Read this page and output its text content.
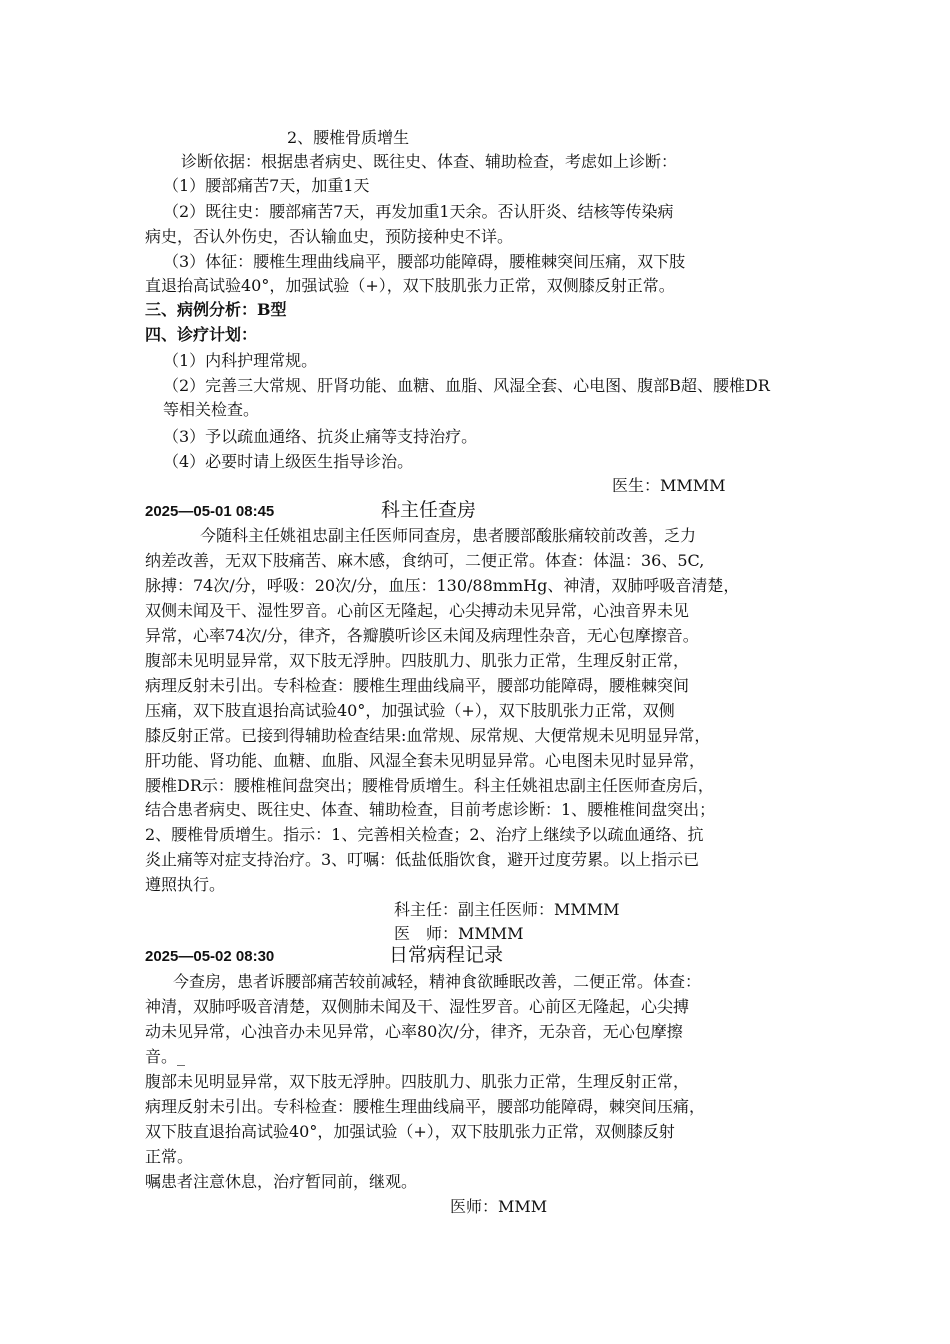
2、腰椎骨质增生
诊断依据：根据患者病史、既往史、体查、辅助检查，考虑如上诊断：
（1）腰部痛苦7天，加重1天
（2）既往史：腰部痛苦7天，再发加重1天余。否认肝炎、结核等传染病
病史，否认外伤史，否认输血史，预防接种史不详。
（3）体征：腰椎生理曲线扁平，腰部功能障碍，腰椎棘突间压痛，双下肢
直退抬高试验40°，加强试验（+），双下肢肌张力正常，双侧膝反射正常。
三、病例分析：B型
四、诊疗计划：
（1）内科护理常规。
（2）完善三大常规、肝肾功能、血糖、血脂、风湿全套、心电图、腹部B超、腰椎DR
等相关检查。
（3）予以疏血通络、抗炎止痛等支持治疗。
（4）必要时请上级医生指导诊治。
医生：MMMM
2025—05-01 08:45	科主任查房
今随科主任姚祖忠副主任医师同查房，患者腰部酸胀痛较前改善，乏力
纳差改善，无双下肢痛苦、麻木感，食纳可，二便正常。体查：体温：36、5C,
脉搏：74次/分，呼吸：20次/分，血压：130/88mmHg、神清，双肺呼吸音清楚，
双侧未闻及干、湿性罗音。心前区无隆起，心尖搏动未见异常，心浊音界未见
异常，心率74次/分，律齐，各瓣膜听诊区未闻及病理性杂音，无心包摩擦音。
腹部未见明显异常，双下肢无浮肿。四肢肌力、肌张力正常，生理反射正常，
病理反射未引出。专科检查：腰椎生理曲线扁平，腰部功能障碍，腰椎棘突间
压痛，双下肢直退抬高试验40°，加强试验（+），双下肢肌张力正常，双侧
膝反射正常。已接到得辅助检查结果:血常规、尿常规、大便常规未见明显异常，
肝功能、肾功能、血糖、血脂、风湿全套未见明显异常。心电图未见时显异常，
腰椎DR示：腰椎椎间盘突出；腰椎骨质增生。科主任姚祖忠副主任医师查房后，
结合患者病史、既往史、体查、辅助检查，目前考虑诊断：1、腰椎椎间盘突出；
2、腰椎骨质增生。指示：1、完善相关检查；2、治疗上继续予以疏血通络、抗
炎止痛等对症支持治疗。3、叮嘱：低盐低脂饮食，避开过度劳累。以上指示已
遵照执行。
科主任：副主任医师：MMMM
医　师：MMMM
2025—05-02 08:30	日常病程记录
今查房，患者诉腰部痛苦较前减轻，精神食欲睡眠改善，二便正常。体查：
神清，双肺呼吸音清楚，双侧肺未闻及干、湿性罗音。心前区无隆起，心尖搏
动未见异常，心浊音办未见异常，心率80次/分，律齐，无杂音，无心包摩擦
音。_
腹部未见明显异常，双下肢无浮肿。四肢肌力、肌张力正常，生理反射正常，
病理反射未引出。专科检查：腰椎生理曲线扁平，腰部功能障碍，棘突间压痛，
双下肢直退抬高试验40°，加强试验（+），双下肢肌张力正常，双侧膝反射
正常。
嘱患者注意休息，治疗暂同前，继观。
医师：MMM
